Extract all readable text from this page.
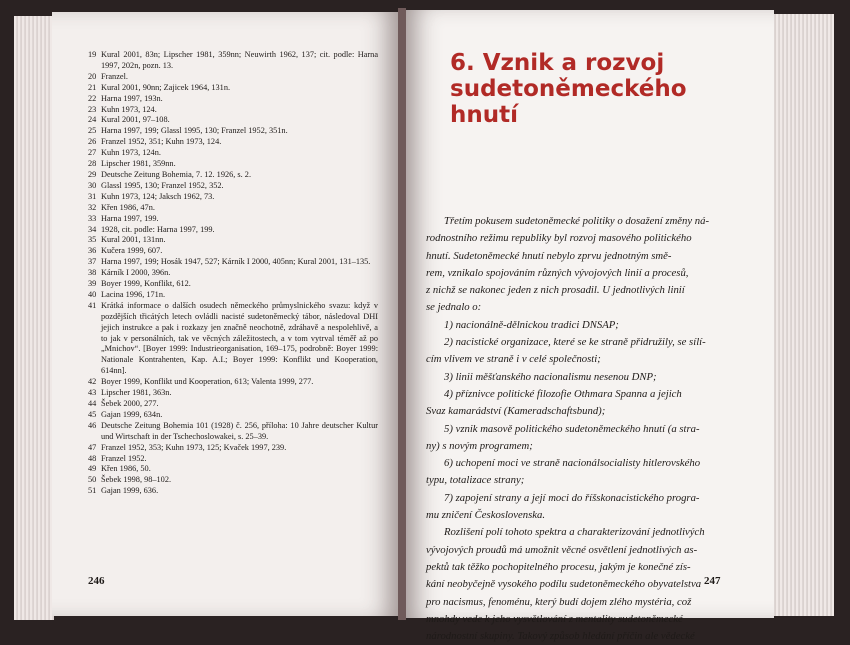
19 Kural 2001, 83n; Lipscher 1981, 359nn; Neuwirth 1962, 137; cit. podle: Harna 1997, 202n, pozn. 13.
20 Franzel.
21 Kural 2001, 90nn; Zajicek 1964, 131n.
22 Harna 1997, 193n.
23 Kuhn 1973, 124.
24 Kural 2001, 97–108.
25 Harna 1997, 199; Glassl 1995, 130; Franzel 1952, 351n.
26 Franzel 1952, 351; Kuhn 1973, 124.
27 Kuhn 1973, 124n.
28 Lipscher 1981, 359nn.
29 Deutsche Zeitung Bohemia, 7. 12. 1926, s. 2.
30 Glassl 1995, 130; Franzel 1952, 352.
31 Kuhn 1973, 124; Jaksch 1962, 73.
32 Křen 1986, 47n.
33 Harna 1997, 199.
34 1928, cit. podle: Harna 1997, 199.
35 Kural 2001, 131nn.
36 Kučera 1999, 607.
37 Harna 1997, 199; Hosák 1947, 527; Kárník I 2000, 405nn; Kural 2001, 131–135.
38 Kárník I 2000, 396n.
39 Boyer 1999, Konflikt, 612.
40 Lacina 1996, 171n.
41 Krátká informace o dalších osudech německého průmyslnického svazu: když v pozdějších třicátých letech ovládli nacisté sudetoněmecký tábor, následoval DHI jejich instrukce a pak i rozkazy jen značně neochotně, zdráhavě a nespolehlivě, a to jak v personálních, tak ve věcných záležitostech, a v tom vytrval téměř až po „Mnichov“. [Boyer 1999: Industrieorganisation, 169–175, podrobně: Boyer 1999: Nationale Kontrahenten, Kap. A.I.; Boyer 1999: Konflikt und Kooperation, 614nn].
42 Boyer 1999, Konflikt und Kooperation, 613; Valenta 1999, 277.
43 Lipscher 1981, 363n.
44 Šebek 2000, 277.
45 Gajan 1999, 634n.
46 Deutsche Zeitung Bohemia 101 (1928) č. 256, příloha: 10 Jahre deutscher Kultur und Wirtschaft in der Tschechoslowakei, s. 25–39.
47 Franzel 1952, 353; Kuhn 1973, 125; Kvaček 1997, 239.
48 Franzel 1952.
49 Křen 1986, 50.
50 Šebek 1998, 98–102.
51 Gajan 1999, 636.
246
6. Vznik a rozvoj
sudetoněmeckého hnutí
Třetím pokusem sudetoněmecké politiky o dosažení změny ná-
rodnostního režimu republiky byl rozvoj masového politického
hnutí. Sudetoněmecké hnutí nebylo zprvu jednotným smě-
rem, vznikalo spojováním různých vývojových linií a procesů,
z nichž se nakonec jeden z nich prosadil. U jednotlivých linií
se jednalo o:
1) nacionálně-dělnickou tradici DNSAP;
2) nacistické organizace, které se ke straně přidružily, se sílí-
cím vlivem ve straně i v celé společnosti;
3) linii měšťanského nacionalismu nesenou DNP;
4) příznivce politické filozofie Othmara Spanna a jejich
Svaz kamarádství (Kameradschaftsbund);
5) vznik masově politického sudetoněmeckého hnutí (a stra-
ny) s novým programem;
6) uchopení moci ve straně nacionálsocialisty hitlerovského
typu, totalizace strany;
7) zapojení strany a její moci do říšskonacistického progra-
mu zničení Československa.
Rozlišení polí tohoto spektra a charakterizování jednotlivých
vývojových proudů má umožnit věcné osvětlení jednotlivých as-
pektů tak těžko pochopitelného procesu, jakým je konečné zís-
kání neobyčejně vysokého podílu sudetoněmeckého obyvatelstva
pro nacismus, fenoménu, který budí dojem zlého mystéria, což
mnohdy vede k jeho vysvětlování z mentality sudetoněmecké
národnostní skupiny. Takový způsob hledání příčin ale vědecké
247
